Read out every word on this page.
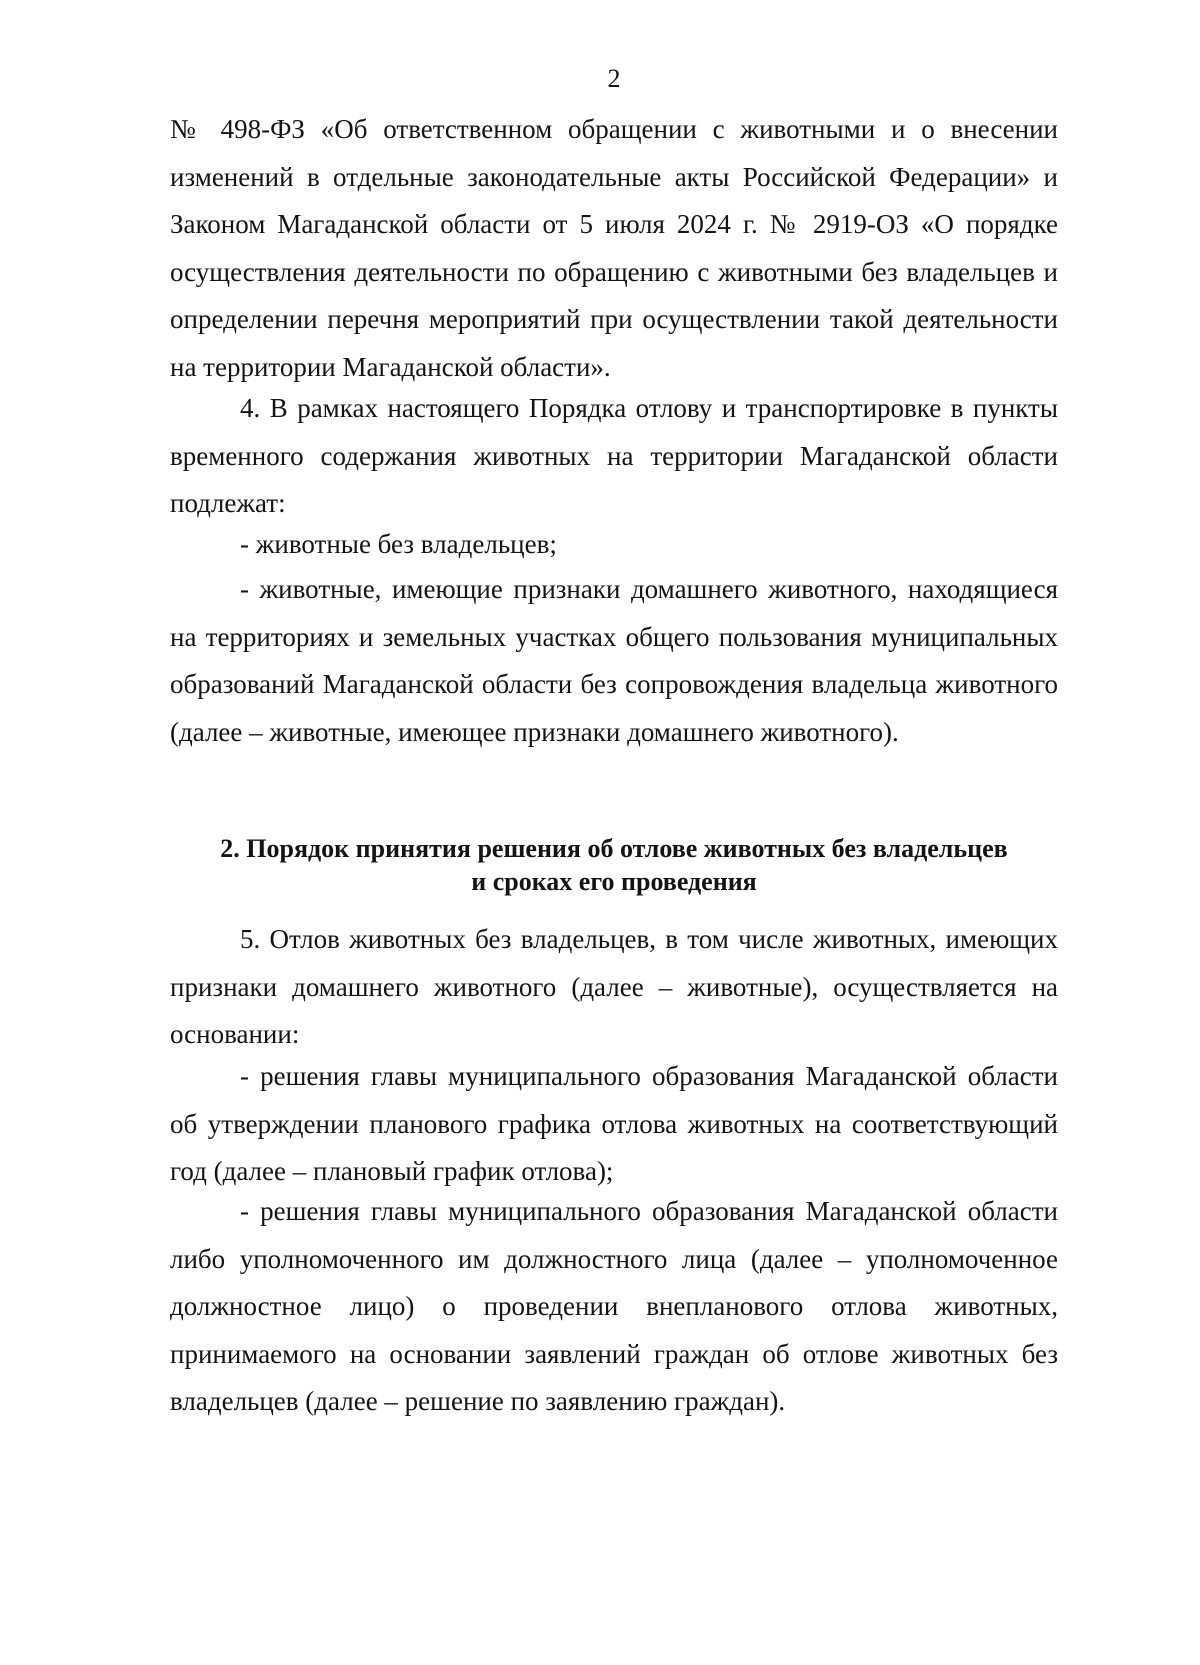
2

№ 498-ФЗ «Об ответственном обращении с животными и о внесении изменений в отдельные законодательные акты Российской Федерации» и Законом Магаданской области от 5 июля 2024 г. № 2919-ОЗ «О порядке осуществления деятельности по обращению с животными без владельцев и определении перечня мероприятий при осуществлении такой деятельности на территории Магаданской области».

4. В рамках настоящего Порядка отлову и транспортировке в пункты временного содержания животных на территории Магаданской области подлежат:

- животные без владельцев;

- животные, имеющие признаки домашнего животного, находящиеся на территориях и земельных участках общего пользования муниципальных образований Магаданской области без сопровождения владельца животного (далее – животные, имеющее признаки домашнего животного).

2. Порядок принятия решения об отлове животных без владельцев
и сроках его проведения

5. Отлов животных без владельцев, в том числе животных, имеющих признаки домашнего животного (далее – животные), осуществляется на основании:

- решения главы муниципального образования Магаданской области об утверждении планового графика отлова животных на соответствующий год (далее – плановый график отлова);

- решения главы муниципального образования Магаданской области либо уполномоченного им должностного лица (далее – уполномоченное должностное лицо) о проведении внепланового отлова животных, принимаемого на основании заявлений граждан об отлове животных без владельцев (далее – решение по заявлению граждан).
